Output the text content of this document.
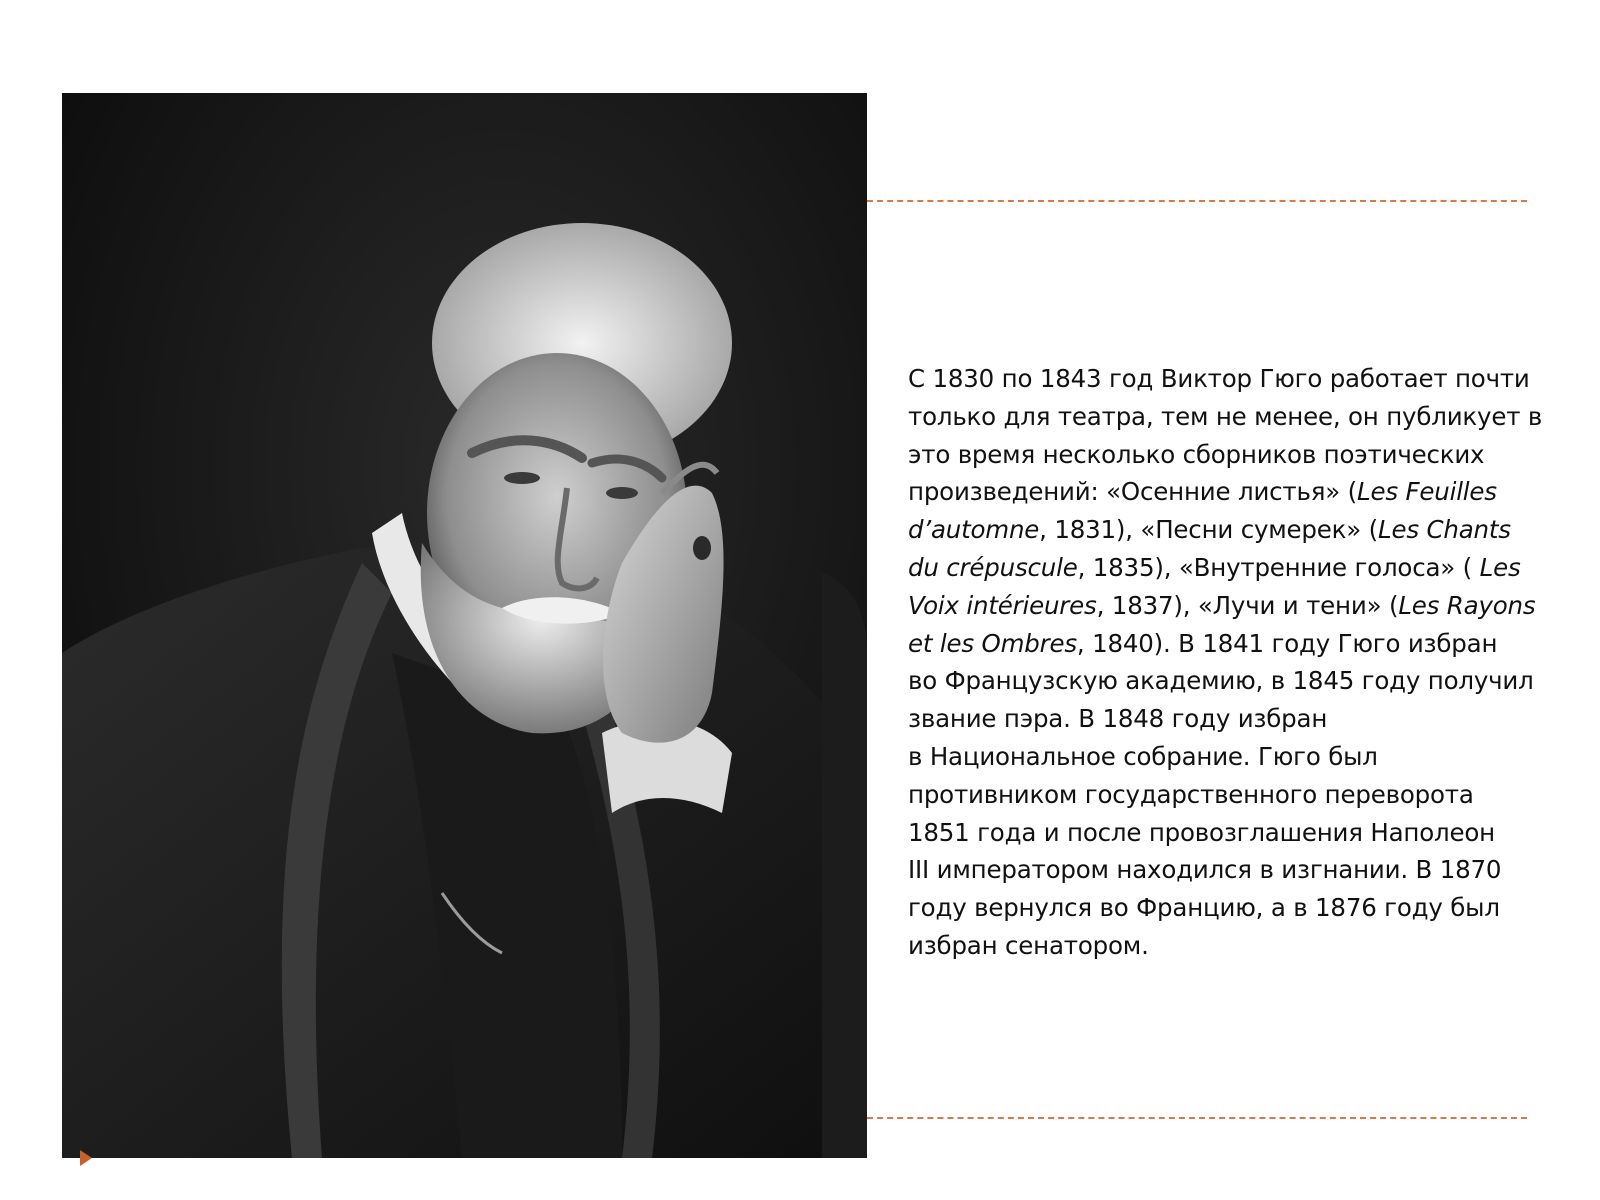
С 1830 по 1843 год Виктор Гюго работает почти
только для театра, тем не менее, он публикует в
это время несколько сборников поэтических
произведений: «Осенние листья» (Les Feuilles
d’automne, 1831), «Песни сумерек» (Les Chants
du crépuscule, 1835), «Внутренние голоса» ( Les
Voix intérieures, 1837), «Лучи и тени» (Les Rayons
et les Ombres, 1840). В 1841 году Гюго избран
во Французскую академию, в 1845 году получил
звание пэра. В 1848 году избран
в Национальное собрание. Гюго был
противником государственного переворота
1851 года и после провозглашения Наполеон
III императором находился в изгнании. В 1870
году вернулся во Францию, а в 1876 году был
избран сенатором.
